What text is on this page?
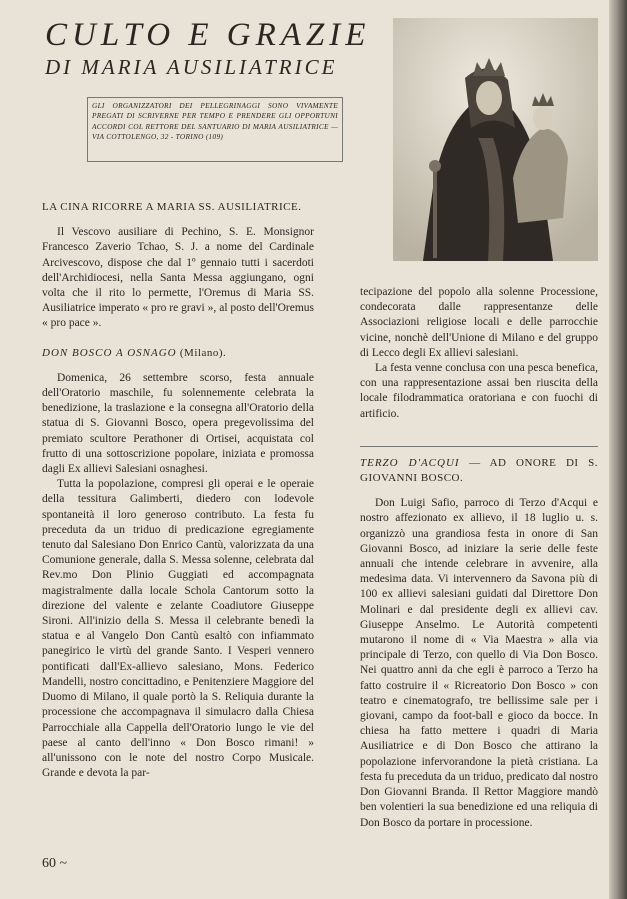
CULTO E GRAZIE
DI MARIA AUSILIATRICE
GLI ORGANIZZATORI DEI PELLEGRINAGGI SONO VIVAMENTE PREGATI DI SCRIVERNE PER TEMPO E PRENDERE GLI OPPORTUNI ACCORDI COL RETTORE DEL SANTUARIO DI MARIA AUSILIATRICE — VIA COTTOLENGO, 32 - TORINO (109)

LA CINA RICORRE A MARIA SS. AUSILIATRICE.

Il Vescovo ausiliare di Pechino, S. E. Monsignor Francesco Zaverio Tchao, S. J. a nome del Cardinale Arcivescovo, dispose che dal 1º gennaio tutti i sacerdoti dell'Archidiocesi, nella Santa Messa aggiungano, ogni volta che il rito lo permette, l'Oremus di Maria SS. Ausiliatrice imperato « pro re gravi », al posto dell'Oremus « pro pace ».

DON BOSCO A OSNAGO (Milano).

Domenica, 26 settembre scorso, festa annuale dell'Oratorio maschile, fu solennemente celebrata la benedizione, la traslazione e la consegna all'Oratorio della statua di S. Giovanni Bosco, opera pregevolissima del premiato scultore Perathoner di Ortisei, acquistata col frutto di una sottoscrizione popolare, iniziata e promossa dagli Ex allievi Salesiani osnaghesi.

Tutta la popolazione, compresi gli operai e le operaie della tessitura Galimberti, diedero con lodevole spontaneità il loro generoso contributo. La festa fu preceduta da un triduo di predicazione egregiamente tenuto dal Salesiano Don Enrico Cantù, valorizzata da una Comunione generale, dalla S. Messa solenne, celebrata dal Rev.mo Don Plinio Guggiati ed accompagnata magistralmente dalla locale Schola Cantorum sotto la direzione del valente e zelante Coadiutore Giuseppe Sironi. All'inizio della S. Messa il celebrante benedì la statua e al Vangelo Don Cantù esaltò con infiammato panegirico le virtù del grande Santo. I Vesperi vennero pontificati dall'Ex-allievo salesiano, Mons. Federico Mandelli, nostro concittadino, e Penitenziere Maggiore del Duomo di Milano, il quale portò la S. Reliquia durante la processione che accompagnava il simulacro dalla Chiesa Parrocchiale alla Cappella dell'Oratorio lungo le vie del paese al canto dell'inno « Don Bosco rimani! » all'unissono con le note del nostro Corpo Musicale. Grande e devota la par-

tecipazione del popolo alla solenne Processione, condecorata dalle rappresentanze delle Associazioni religiose locali e delle parrocchie vicine, nonchè dell'Unione di Milano e del gruppo di Lecco degli Ex allievi salesiani.

La festa venne conclusa con una pesca benefica, con una rappresentazione assai ben riuscita della locale filodrammatica oratoriana e con fuochi di artificio.

TERZO D'ACQUI — AD ONORE DI S. GIOVANNI BOSCO.

Don Luigi Safio, parroco di Terzo d'Acqui e nostro affezionato ex allievo, il 18 luglio u. s. organizzò una grandiosa festa in onore di San Giovanni Bosco, ad iniziare la serie delle feste annuali che intende celebrare in avvenire, alla medesima data. Vi intervennero da Savona più di 100 ex allievi salesiani guidati dal Direttore Don Molinari e dal presidente degli ex allievi cav. Giuseppe Anselmo. Le Autorità competenti mutarono il nome di « Via Maestra » alla via principale di Terzo, con quello di Via Don Bosco. Nei quattro anni da che egli è parroco a Terzo ha fatto costruire il « Ricreatorio Don Bosco » con teatro e cinematografo, tre bellissime sale per i giovani, campo da foot-ball e gioco da bocce. In chiesa ha fatto mettere i quadri di Maria Ausiliatrice e di Don Bosco che attirano la popolazione infervorandone la pietà cristiana. La festa fu preceduta da un triduo, predicato dal nostro Don Giovanni Branda. Il Rettor Maggiore mandò ben volentieri la sua benedizione ed una reliquia di Don Bosco da portare in processione.

60 ~
